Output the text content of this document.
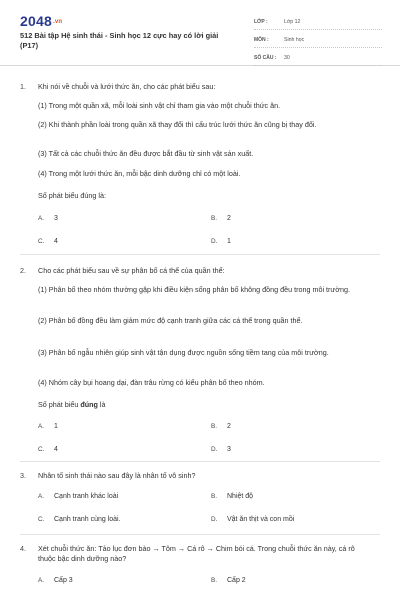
2048.vn
512 Bài tập Hệ sinh thái - Sinh học 12 cực hay có lời giải (P17)
LỚP :	Lớp 12
MÔN :	Sinh học
SỐ CÂU :	30
1. Khi nói về chuỗi và lưới thức ăn, cho các phát biểu sau:
(1) Trong một quần xã, mỗi loài sinh vật chỉ tham gia vào một chuỗi thức ăn.
(2) Khi thành phần loài trong quần xã thay đổi thì cấu trúc lưới thức ăn cũng bị thay đổi.
(3) Tất cả các chuỗi thức ăn đều được bắt đầu từ sinh vật sản xuất.
(4) Trong một lưới thức ăn, mỗi bậc dinh dưỡng chỉ có một loài.
Số phát biểu đúng là:
A. 3	B. 2
C. 4	D. 1
2. Cho các phát biểu sau về sự phân bố cá thể của quần thể:
(1) Phân bố theo nhóm thường gặp khi điều kiện sống phân bố không đồng đều trong môi trường.
(2) Phân bố đồng đều làm giảm mức độ cạnh tranh giữa các cá thể trong quần thể.
(3) Phân bố ngẫu nhiên giúp sinh vật tận dụng được nguồn sống tiềm tang của môi trường.
(4) Nhóm cây bụi hoang dại, đàn trâu rừng có kiểu phân bố theo nhóm.
Số phát biểu đúng là
A. 1	B. 2
C. 4	D. 3
3. Nhân tố sinh thái nào sau đây là nhân tố vô sinh?
A. Cạnh tranh khác loài	B. Nhiệt độ
C. Cạnh tranh cùng loài.	D. Vật ăn thịt và con mồi
4. Xét chuỗi thức ăn: Tảo lục đơn bào → Tôm → Cá rô → Chim bói cá. Trong chuỗi thức ăn này, cá rô thuộc bậc dinh dưỡng nào?
A. Cấp 3	B. Cấp 2
